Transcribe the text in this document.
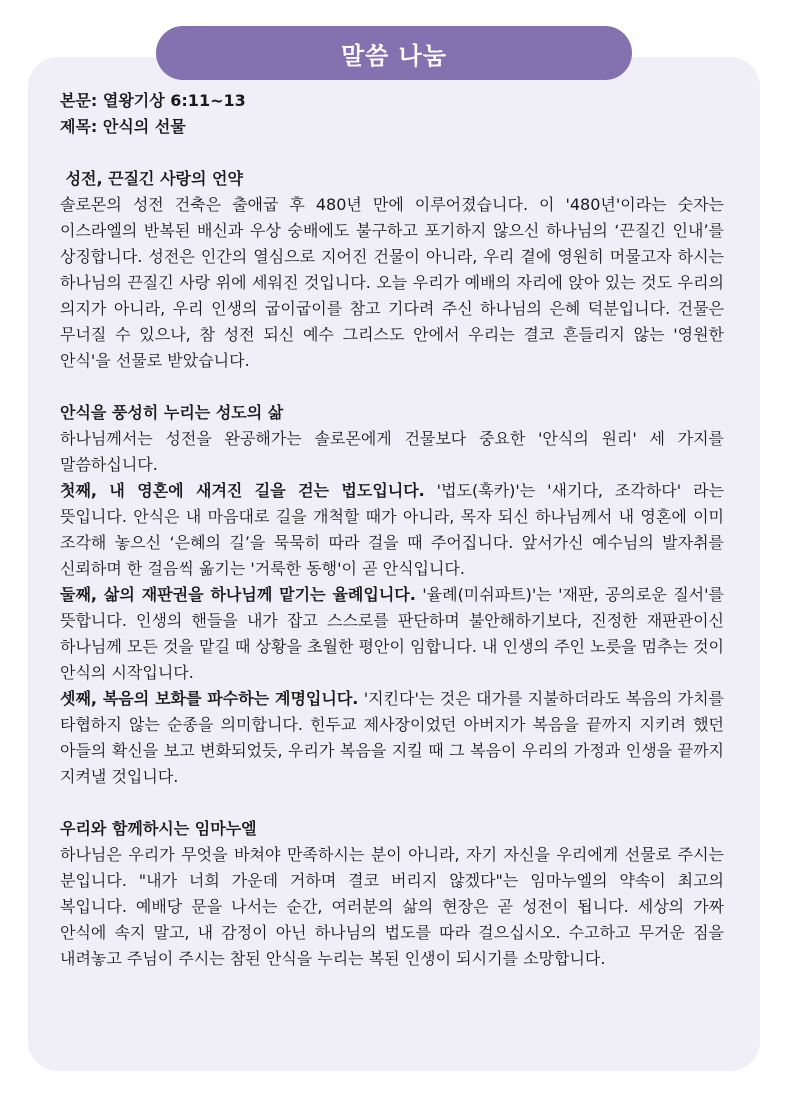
말씀 나눔
본문: 열왕기상 6:11~13
제목: 안식의 선물
성전, 끈질긴 사랑의 언약

솔로몬의 성전 건축은 출애굽 후 480년 만에 이루어졌습니다. 이 '480년'이라는 숫자는 이스라엘의 반복된 배신과 우상 숭배에도 불구하고 포기하지 않으신 하나님의 ‘끈질긴 인내’를 상징합니다. 성전은 인간의 열심으로 지어진 건물이 아니라, 우리 곁에 영원히 머물고자 하시는 하나님의 끈질긴 사랑 위에 세워진 것입니다. 오늘 우리가 예배의 자리에 앉아 있는 것도 우리의 의지가 아니라, 우리 인생의 굽이굽이를 참고 기다려 주신 하나님의 은혜 덕분입니다. 건물은 무너질 수 있으나, 참 성전 되신 예수 그리스도 안에서 우리는 결코 흔들리지 않는 '영원한 안식'을 선물로 받았습니다.

안식을 풍성히 누리는 성도의 삶

하나님께서는 성전을 완공해가는 솔로몬에게 건물보다 중요한 '안식의 원리' 세 가지를 말씀하십니다.

첫째, 내 영혼에 새겨진 길을 걷는 법도입니다. '법도(훅카)'는 '새기다, 조각하다' 라는 뜻입니다. 안식은 내 마음대로 길을 개척할 때가 아니라, 목자 되신 하나님께서 내 영혼에 이미 조각해 놓으신 ‘은혜의 길’을 묵묵히 따라 걸을 때 주어집니다. 앞서가신 예수님의 발자취를 신뢰하며 한 걸음씩 옮기는 '거룩한 동행'이 곧 안식입니다.

둘째, 삶의 재판권을 하나님께 맡기는 율례입니다. '율례(미쉬파트)'는 '재판, 공의로운 질서'를 뜻합니다. 인생의 핸들을 내가 잡고 스스로를 판단하며 불안해하기보다, 진정한 재판관이신 하나님께 모든 것을 맡길 때 상황을 초월한 평안이 임합니다. 내 인생의 주인 노릇을 멈추는 것이 안식의 시작입니다.

셋째, 복음의 보화를 파수하는 계명입니다. '지킨다'는 것은 대가를 지불하더라도 복음의 가치를 타협하지 않는 순종을 의미합니다. 힌두교 제사장이었던 아버지가 복음을 끝까지 지키려 했던 아들의 확신을 보고 변화되었듯, 우리가 복음을 지킬 때 그 복음이 우리의 가정과 인생을 끝까지 지켜낼 것입니다.

우리와 함께하시는 임마누엘

하나님은 우리가 무엇을 바쳐야 만족하시는 분이 아니라, 자기 자신을 우리에게 선물로 주시는 분입니다. "내가 너희 가운데 거하며 결코 버리지 않겠다"는 임마누엘의 약속이 최고의 복입니다. 예배당 문을 나서는 순간, 여러분의 삶의 현장은 곧 성전이 됩니다. 세상의 가짜 안식에 속지 말고, 내 감정이 아닌 하나님의 법도를 따라 걸으십시오. 수고하고 무거운 짐을 내려놓고 주님이 주시는 참된 안식을 누리는 복된 인생이 되시기를 소망합니다.
